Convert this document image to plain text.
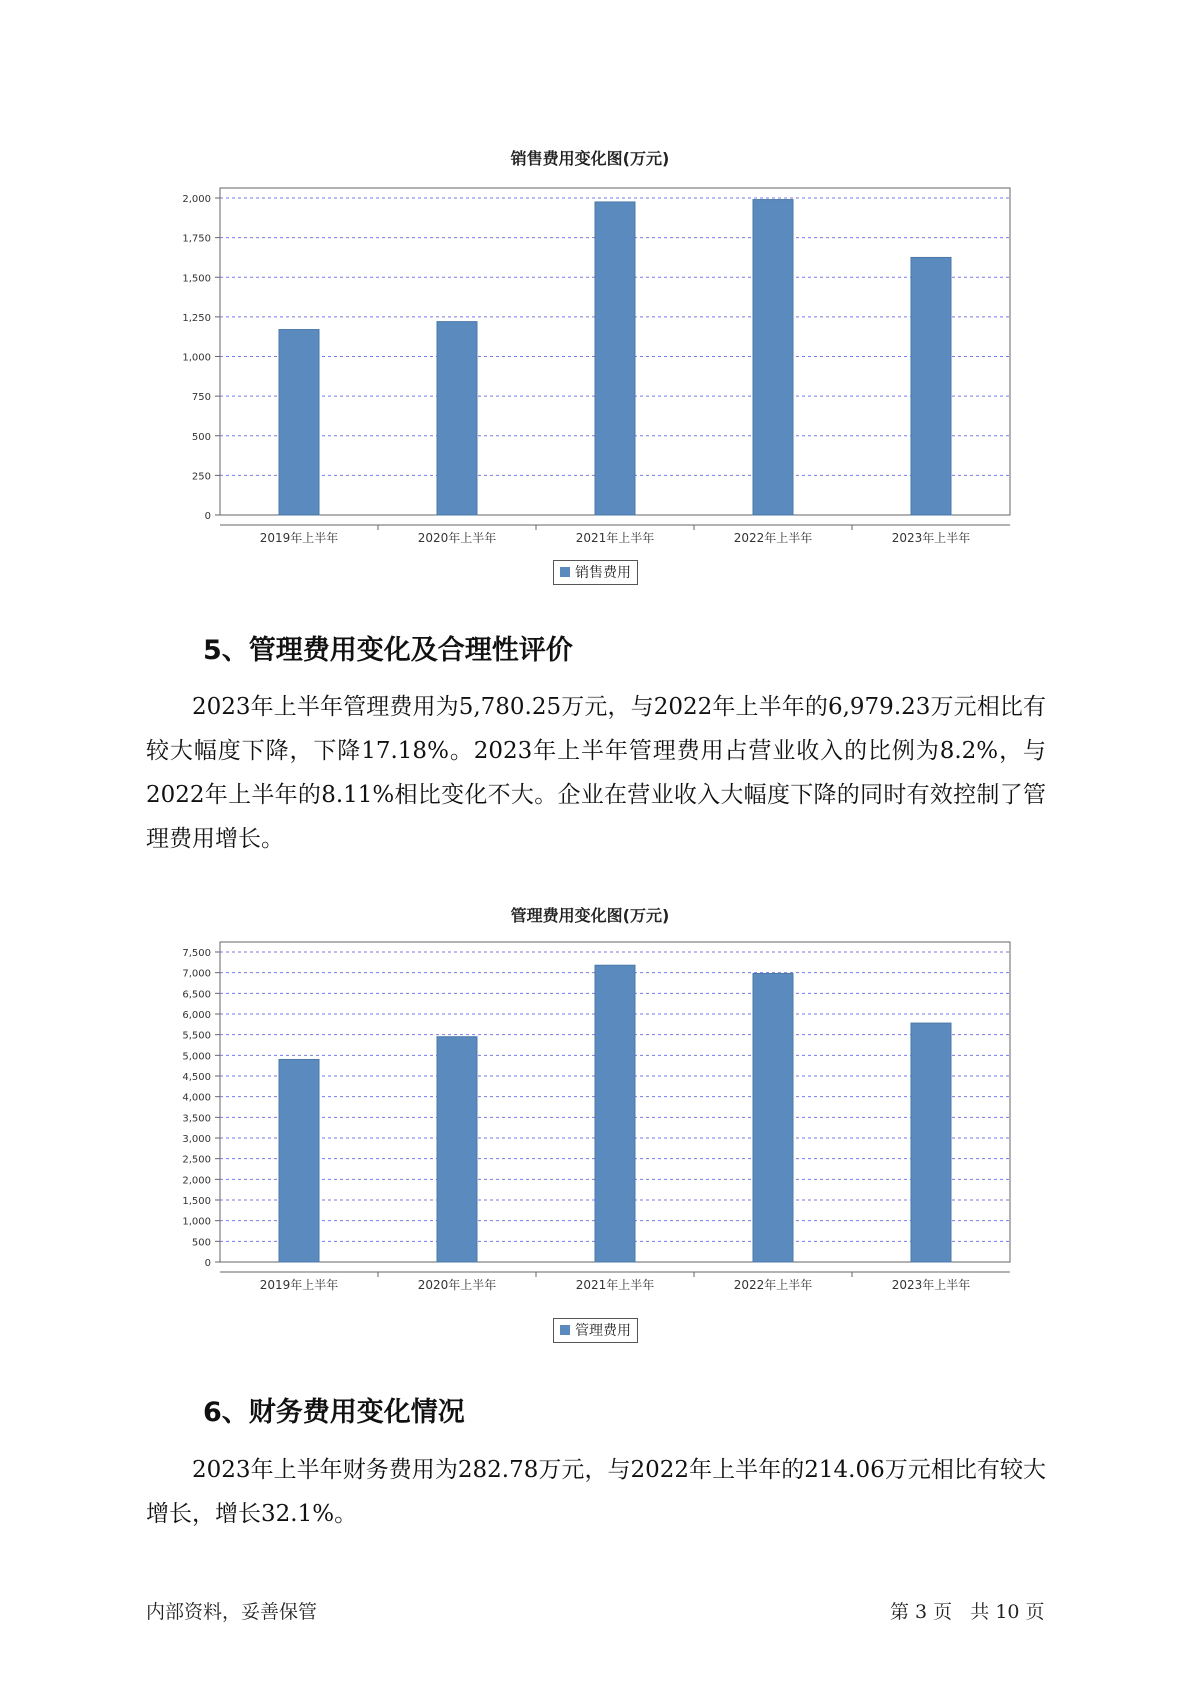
销售费用变化图(万元)
0
250
500
750
1,000
1,250
1,500
1,750
2,000
2019年上半年	2020年上半年	2021年上半年	2022年上半年	2023年上半年
销售费用
5、管理费用变化及合理性评价

2023年上半年管理费用为5,780.25万元，与2022年上半年的6,979.23万元相比有较大幅度下降，下降17.18%。2023年上半年管理费用占营业收入的比例为8.2%，与2022年上半年的8.11%相比变化不大。企业在营业收入大幅度下降的同时有效控制了管理费用增长。

管理费用变化图(万元)
0
500
1,000
1,500
2,000
2,500
3,000
3,500
4,000
4,500
5,000
5,500
6,000
6,500
7,000
7,500
2019年上半年	2020年上半年	2021年上半年	2022年上半年	2023年上半年
管理费用
6、财务费用变化情况

2023年上半年财务费用为282.78万元，与2022年上半年的214.06万元相比有较大增长，增长32.1%。

内部资料，妥善保管	第 3 页   共 10 页
